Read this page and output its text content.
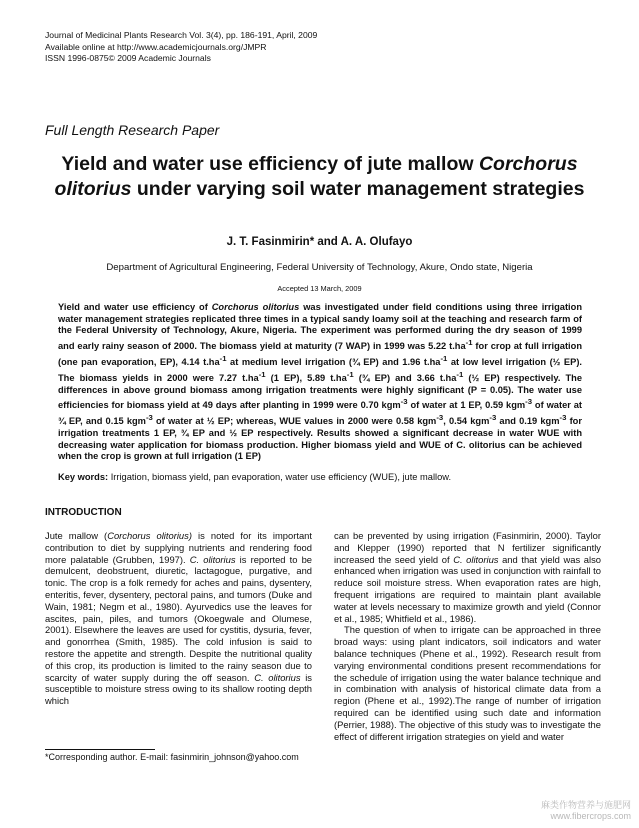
Journal of Medicinal Plants Research Vol. 3(4), pp. 186-191, April, 2009
Available online at http://www.academicjournals.org/JMPR
ISSN 1996-0875© 2009 Academic Journals
Full Length Research Paper
Yield and water use efficiency of jute mallow Corchorus olitorius under varying soil water management strategies
J. T. Fasinmirin* and A. A. Olufayo
Department of Agricultural Engineering, Federal University of Technology, Akure, Ondo state, Nigeria
Accepted 13 March, 2009
Yield and water use efficiency of Corchorus olitorius was investigated under field conditions using three irrigation water management strategies replicated three times in a typical sandy loamy soil at the teaching and research farm of the Federal University of Technology, Akure, Nigeria. The experiment was performed during the dry season of 1999 and early rainy season of 2000. The biomass yield at maturity (7 WAP) in 1999 was 5.22 $t.ha^{-1}$ for crop at full irrigation (one pan evaporation, EP), 4.14 $t.ha^{-1}$ at medium level irrigation (¾ EP) and 1.96 $t.ha^{-1}$ at low level irrigation (½ EP). The biomass yields in 2000 were 7.27 $t.ha^{-1}$ (1 EP), 5.89 $t.ha^{-1}$ (¾ EP) and 3.66 $t.ha^{-1}$ (½ EP) respectively. The differences in above ground biomass among irrigation treatments were highly significant (P = 0.05). The water use efficiencies for biomass yield at 49 days after planting in 1999 were 0.70 kgm$^{-3}$ of water at 1 EP, 0.59 kgm$^{-3}$ of water at ¾ EP, and 0.15 kgm$^{-3}$ of water at ½ EP; whereas, WUE values in 2000 were 0.58 kgm$^{-3}$, 0.54 kgm$^{-3}$ and 0.19 kgm$^{-3}$ for irrigation treatments 1 EP, ¾ EP and ½ EP respectively. Results showed a significant decrease in water WUE with decreasing water application for biomass production. Higher biomass yield and WUE of C. olitorius can be achieved when the crop is grown at full irrigation (1 EP)
Key words: Irrigation, biomass yield, pan evaporation, water use efficiency (WUE), jute mallow.
INTRODUCTION

Jute mallow (Corchorus olitorius) is noted for its important contribution to diet by supplying nutrients and rendering food more palatable (Grubben, 1997). C. olitorius is reported to be demulcent, deobstruent, diuretic, lactagogue, purgative, and tonic. The crop is a folk remedy for aches and pains, dysentery, enteritis, fever, dysentery, pectoral pains, and tumors (Duke and Wain, 1981; Negm et al., 1980). Ayurvedics use the leaves for ascites, pain, piles, and tumors (Okoegwale and Olumese, 2001). Elsewhere the leaves are used for cystitis, dysuria, fever, and gonorrhea (Smith, 1985). The cold infusion is said to restore the appetite and strength. Despite the nutritional quality of this crop, its production is limited to the rainy season due to scarcity of water supply during the off season. C. olitorius is susceptible to moisture stress owing to its shallow rooting depth which

*Corresponding author. E-mail: fasinmirin_johnson@yahoo.com

can be prevented by using irrigation (Fasinmirin, 2000). Taylor and Klepper (1990) reported that N fertilizer significantly increased the seed yield of C. olitorius and that yield was also enhanced when irrigation was used in conjunction with rainfall to reduce soil moisture stress. When evaporation rates are high, frequent irrigations are required to maintain plant available water at levels necessary to maximize growth and yield (Connor et al., 1985; Whitfield et al., 1986).

The question of when to irrigate can be approached in three broad ways: using plant indicators, soil indicators and water balance techniques (Phene et al., 1992). Research result from varying environmental conditions present recommendations for the schedule of irrigation using the water balance technique and in combination with analysis of historical climate data from a region (Phene et al., 1992).The range of number of irrigation required can be identified using such date and information (Perrier, 1988). The objective of this study was to investigate the effect of different irrigation strategies on yield and water

麻类作物营养与施肥网
www.fibercrops.com
